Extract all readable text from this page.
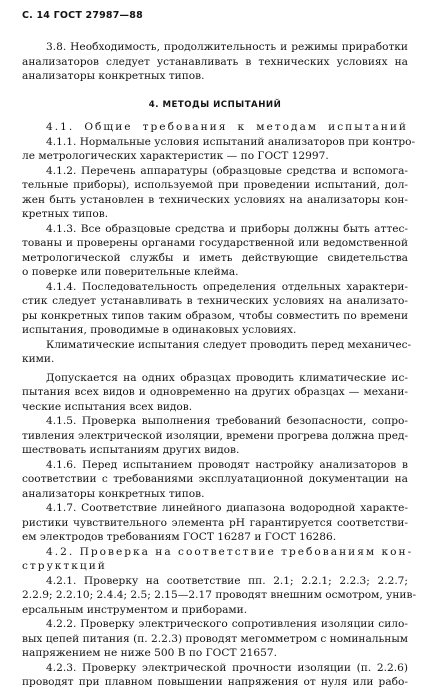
С. 14 ГОСТ 27987—88
3.8. Необходимость, продолжительность и режимы приработки
анализаторов следует устанавливать в технических условиях на
анализаторы конкретных типов.
4. МЕТОДЫ ИСПЫТАНИЙ
4.1. Общие требования к методам испытаний
4.1.1. Нормальные условия испытаний анализаторов при контро-
ле метрологических характеристик — по ГОСТ 12997.
4.1.2. Перечень аппаратуры (образцовые средства и вспомога-
тельные приборы), используемой при проведении испытаний, дол-
жен быть установлен в технических условиях на анализаторы кон-
кретных типов.
4.1.3. Все образцовые средства и приборы должны быть аттес-
тованы и проверены органами государственной или ведомственной
метрологической службы и иметь действующие свидетельства
о поверке или поверительные клейма.
4.1.4. Последовательность определения отдельных характери-
стик следует устанавливать в технических условиях на анализато-
ры конкретных типов таким образом, чтобы совместить по времени
испытания, проводимые в одинаковых условиях.
Климатические испытания следует проводить перед механичес-
кими.
Допускается на одних образцах проводить климатические ис-
пытания всех видов и одновременно на других образцах — механи-
ческие испытания всех видов.
4.1.5. Проверка выполнения требований безопасности, сопро-
тивления электрической изоляции, времени прогрева должна пред-
шествовать испытаниям других видов.
4.1.6. Перед испытанием проводят настройку анализаторов в
соответствии с требованиями эксплуатационной документации на
анализаторы конкретных типов.
4.1.7. Соответствие линейного диапазона водородной характе-
ристики чувствительного элемента pH гарантируется соответстви-
ем электродов требованиям ГОСТ 16287 и ГОСТ 16286.
4.2. Проверка на соответствие требованиям кон-
структкций
4.2.1. Проверку на соответствие пп. 2.1; 2.2.1; 2.2.3; 2.2.7;
2.2.9; 2.2.10; 2.4.4; 2.5; 2.15—2.17 проводят внешним осмотром, унив-
ерсальным инструментом и приборами.
4.2.2. Проверку электрического сопротивления изоляции сило-
вых цепей питания (п. 2.2.3) проводят мегомметром с номинальным
напряжением не ниже 500 В по ГОСТ 21657.
4.2.3. Проверку электрической прочности изоляции (п. 2.2.6)
проводят при плавном повышении напряжения от нуля или рабо-
